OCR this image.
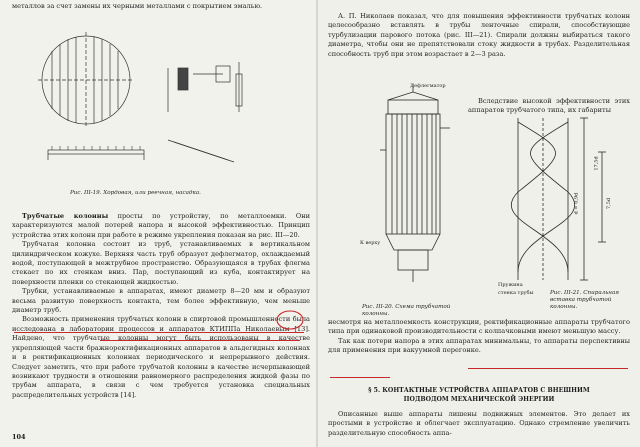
металлов за счет замены их черными металлами с покрытием эмалью.
Рис. III-19. Хордовая, или реечная, насадка.

Трубчатые колонны просты по устройству, по металлоемки. Они характеризуются малой потерей напора и высокой эффективностью. Принцип устройства этих колонн при работе в режиме укрепления показан на рис. III—20.

Трубчатая колонна состоит из труб, устанавливаемых в вертикальном цилиндрическом кожухе. Верхняя часть труб образует дефлегматор, охлаждаемый водой, поступающей в межтрубное пространство. Образующаяся в трубах флегма стекает по их стенкам вниз. Пар, поступающий из куба, контактирует на поверхности пленки со стекающей жидкостью.

Трубки, устанавливаемые в аппаратах, имеют диаметр 8—20 мм и образуют весьма развитую поверхность контакта, тем более эффективную, чем меньше диаметр труб.

Возможность применения трубчатых колонн в спиртовой промышленности была исследована в лаборатории процессов и аппаратов КТИППа Николаевым [13]. Найдено, что трубчатые колонны могут быть использованы в качестве укрепляющей части бражноректификационных аппаратов в альдегидных колоннах и в ректификационных колоннах периодического и непрерывного действия. Следует заметить, что при работе трубчатой колонны в качестве исчерпывающей возникают трудности в отношении равномерного распределения жидкой фазы по трубам аппарата, в связи с чем требуется установка специальных распределительных устройств [14].

104

А. П. Николаев показал, что для повышения эффективности трубчатых колонн целесообразно вставлять в трубы ленточные спирали, способствующие турбулизации парового потока (рис. III—21). Спирали должны выбираться такого диаметра, чтобы они не препятствовали стоку жидкости в трубах. Разделительная способность труб при этом возрастает в 2—3 раза.

Вследствие высокой эффективности этих аппаратов трубчатого типа, их габариты

Дефлегматор
К верху
Рис. III-20. Схема трубчатой колонны.
d = 0,9d
17,5d
7,5d
Пружина
стенка трубы	Рис. III-21. Спиральная вставка трубчатой колонны.

несмотря на металлоемкость конструкции, ректификационные аппараты трубчатого типа при одинаковой производительности с колпачковыми имеют меньшую массу.

Так как потери напора в этих аппаратах минимальны, то аппараты перспективны для применения при вакуумной перегонке.

§ 5. КОНТАКТНЫЕ УСТРОЙСТВА АППАРАТОВ С ВНЕШНИМ
ПОДВОДОМ МЕХАНИЧЕСКОЙ ЭНЕРГИИ

Описанные выше аппараты лишены подвижных элементов. Это делает их простыми в устройстве и облегчает эксплуатацию. Однако стремление увеличить разделительную способность аппа-
